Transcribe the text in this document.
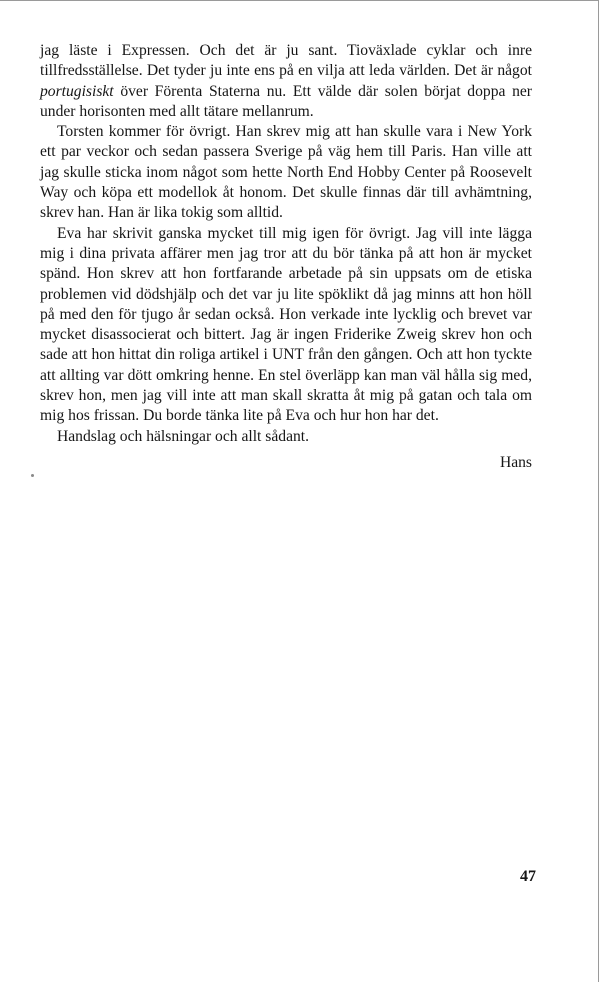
jag läste i Expressen. Och det är ju sant. Tioväxlade cyklar och inre tillfredsställelse. Det tyder ju inte ens på en vilja att leda världen. Det är något portugisiskt över Förenta Staterna nu. Ett välde där solen börjat doppa ner under horisonten med allt tätare mellanrum.

Torsten kommer för övrigt. Han skrev mig att han skulle vara i New York ett par veckor och sedan passera Sverige på väg hem till Paris. Han ville att jag skulle sticka inom något som hette North End Hobby Center på Roosevelt Way och köpa ett modellok åt honom. Det skulle finnas där till avhämtning, skrev han. Han är lika tokig som alltid.

Eva har skrivit ganska mycket till mig igen för övrigt. Jag vill inte lägga mig i dina privata affärer men jag tror att du bör tänka på att hon är mycket spänd. Hon skrev att hon fortfarande arbetade på sin uppsats om de etiska problemen vid dödshjälp och det var ju lite spöklikt då jag minns att hon höll på med den för tjugo år sedan också. Hon verkade inte lycklig och brevet var mycket disassocierat och bittert. Jag är ingen Friderike Zweig skrev hon och sade att hon hittat din roliga artikel i UNT från den gången. Och att hon tyckte att allting var dött omkring henne. En stel överläpp kan man väl hålla sig med, skrev hon, men jag vill inte att man skall skratta åt mig på gatan och tala om mig hos frissan. Du borde tänka lite på Eva och hur hon har det.

Handslag och hälsningar och allt sådant.

Hans

47
